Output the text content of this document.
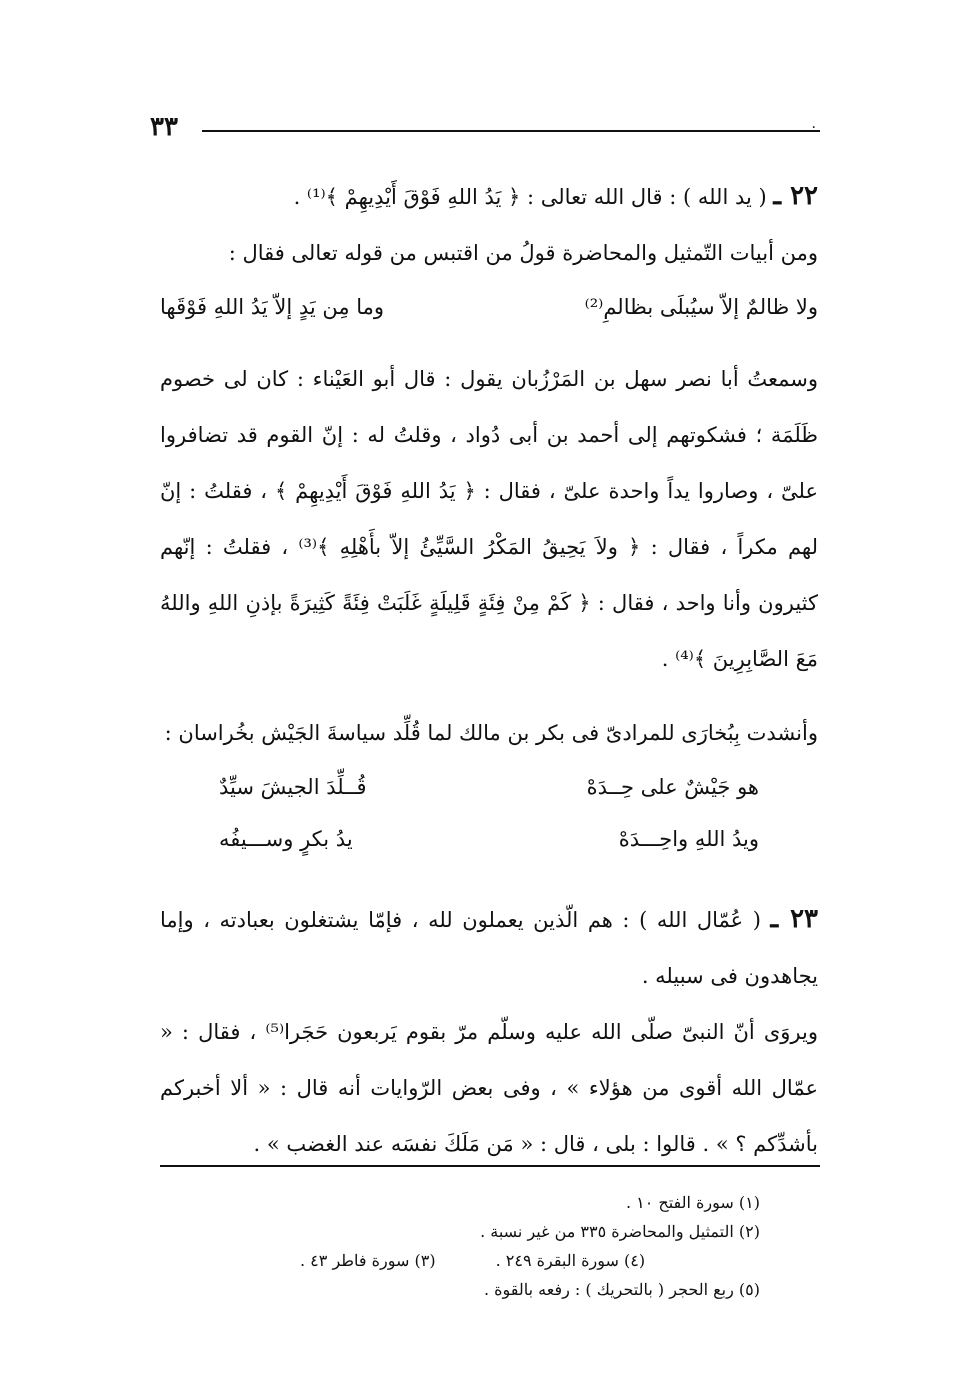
٣٣	.

٢٢ ـ ( يد الله ) : قال الله تعالى : ﴿ يَدُ اللهِ فَوْقَ أَيْدِيهِمْ ﴾⁽¹⁾ .

ومن أبيات التّمثيل والمحاضرة قولُ من اقتبس من قوله تعالى فقال :

وما مِن يَدٍ إلاّ يَدُ اللهِ فَوْقَها	ولا ظالمٌ إلاّ سيُبلَى بظالمِ⁽²⁾

وسمعتُ أبا نصر سهل بن المَرْزُبان يقول : قال أبو العَيْناء : كان لى خصوم ظَلَمَة ؛ فشكوتهم إلى أحمد بن أبى دُواد ، وقلتُ له : إنّ القوم قد تضافروا علىّ ، وصاروا يداً واحدة علىّ ، فقال : ﴿ يَدُ اللهِ فَوْقَ أَيْدِيهِمْ ﴾ ، فقلتُ : إنّ لهم مكراً ، فقال : ﴿ ولاَ يَحِيقُ المَكْرُ السَّيِّئُ إلاّ بأَهْلِهِ ﴾⁽³⁾ ، فقلتُ : إنّهم كثيرون وأنا واحد ، فقال : ﴿ كَمْ مِنْ فِئَةٍ قَلِيلَةٍ غَلَبَتْ فِئَةً كَثِيرَةً بإذنِ اللهِ واللهُ مَعَ الصَّابِرِينَ ﴾⁽⁴⁾ .

وأنشدت بِبُخارَى للمرادىّ فى بكر بن مالك لما قُلِّد سياسةَ الجَيْش بخُراسان :

قُــلِّدَ الجيشَ سيِّدٌ	هو جَيْشٌ على حِــدَهْ
يدُ بكرٍ وســـيفُه	ويدُ اللهِ واحِـــدَهْ

٢٣ ـ ( عُمّال الله ) : هم الّذين يعملون لله ، فإمّا يشتغلون بعبادته ، وإما يجاهدون فى سبيله .

ويروَى أنّ النبىّ صلّى الله عليه وسلّم مرّ بقوم يَربعون حَجَرا⁽⁵⁾ ، فقال : « عمّال الله أقوى من هؤلاء » ، وفى بعض الرّوايات أنه قال : « ألا أخبركم بأشدِّكم ؟ » . قالوا : بلى ، قال : « مَن مَلَكَ نفسَه عند الغضب » .

(١) سورة الفتح ١٠ .

(٢) التمثيل والمحاضرة ٣٣٥ من غير نسبة .

(٣) سورة فاطر ٤٣ .	(٤) سورة البقرة ٢٤٩ .

(٥) ربع الحجر ( بالتحريك ) : رفعه بالقوة .
